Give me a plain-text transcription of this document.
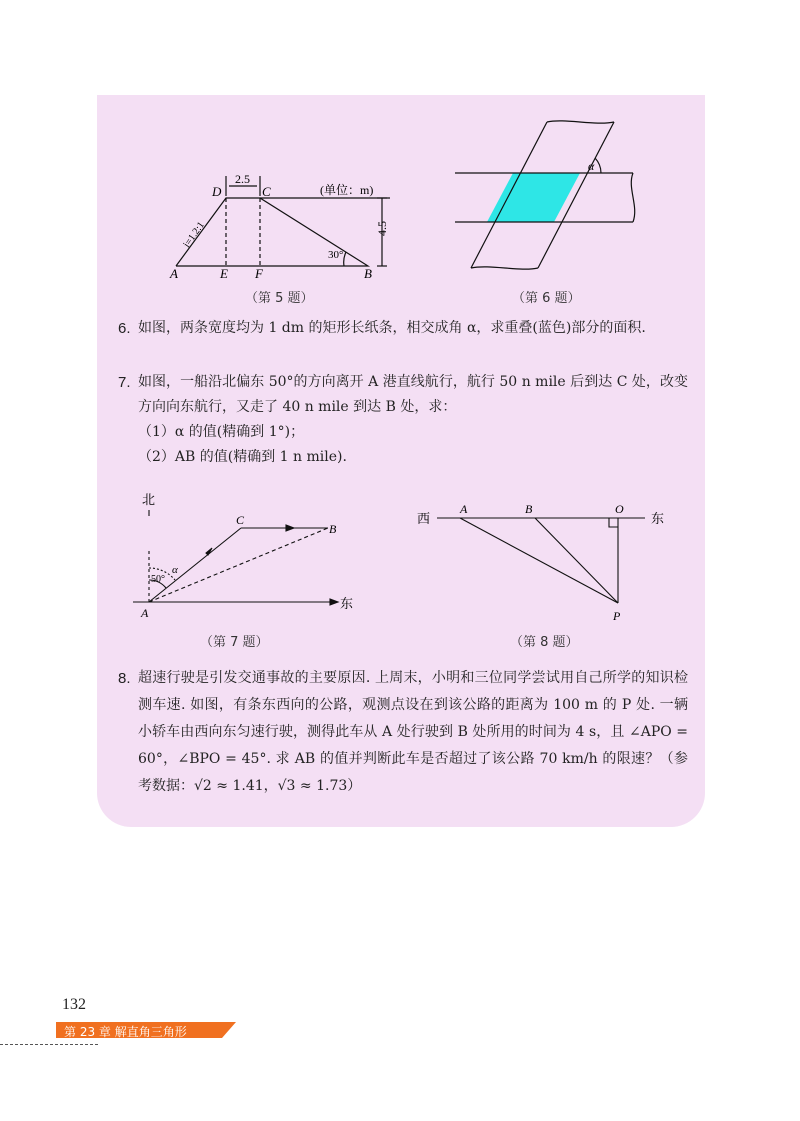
D	C
2.5
(单位：m)
4.5
i=1.2:1
30°
A	E F	B
（第 5 题）
α
（第 6 题）
6. 如图，两条宽度均为 1 dm 的矩形长纸条，相交成角 α，求重叠(蓝色)部分的面积.
7. 如图，一船沿北偏东 50°的方向离开 A 港直线航行，航行 50 n mile 后到达 C 处，改变方向向东航行，又走了 40 n mile 到达 B 处，求：
（1）α 的值(精确到 1°)；
（2）AB 的值(精确到 1 n mile).
北
东
C
B
A
α
50°
（第 7 题）
西	东
A	B	O
P
（第 8 题）
8. 超速行驶是引发交通事故的主要原因. 上周末，小明和三位同学尝试用自己所学的知识检测车速. 如图，有条东西向的公路，观测点设在到该公路的距离为 100 m 的 P 处. 一辆小轿车由西向东匀速行驶，测得此车从 A 处行驶到 B 处所用的时间为 4 s，且 ∠APO = 60°，∠BPO = 45°. 求 AB 的值并判断此车是否超过了该公路 70 km/h 的限速？（参考数据：√2 ≈ 1.41，√3 ≈ 1.73）
132
第 23 章 解直角三角形
